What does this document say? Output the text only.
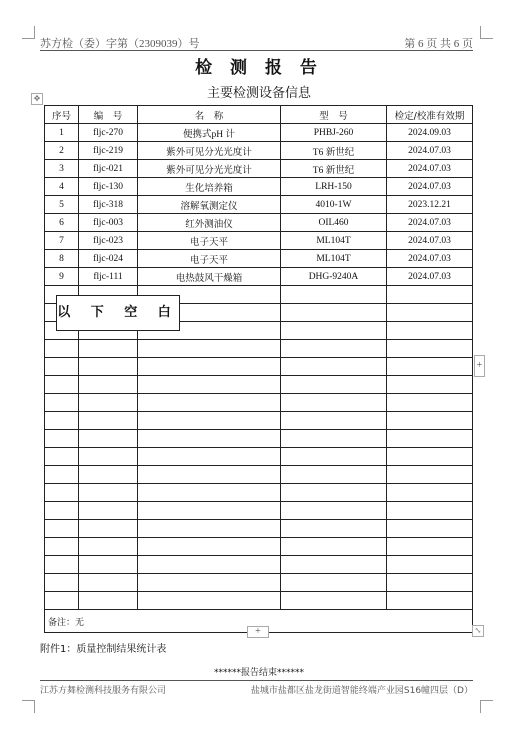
苏方检（委）字第（2309039）号	第 6 页 共 6 页
检 测 报 告
主要检测设备信息
✥
序号	编　号	名　称	型　号	检定/校准有效期
1	fljc-270	便携式pH 计	PHBJ-260	2024.09.03
2	fljc-219	紫外可见分光光度计	T6 新世纪	2024.07.03
3	fljc-021	紫外可见分光光度计	T6 新世纪	2024.07.03
4	fljc-130	生化培养箱	LRH-150	2024.07.03
5	fljc-318	溶解氧测定仪	4010-1W	2023.12.21
6	fljc-003	红外测油仪	OIL460	2024.07.03
7	fljc-023	电子天平	ML104T	2024.07.03
8	fljc-024	电子天平	ML104T	2024.07.03
9	fljc-111	电热鼓风干燥箱	DHG-9240A	2024.07.03

备注：无				
以 下 空 白
+
+	⤡
附件1：质量控制结果统计表
******报告结束******
江苏方舞检测科技服务有限公司	盐城市盐都区盐龙街道智能终端产业园S16幢四层（D）
